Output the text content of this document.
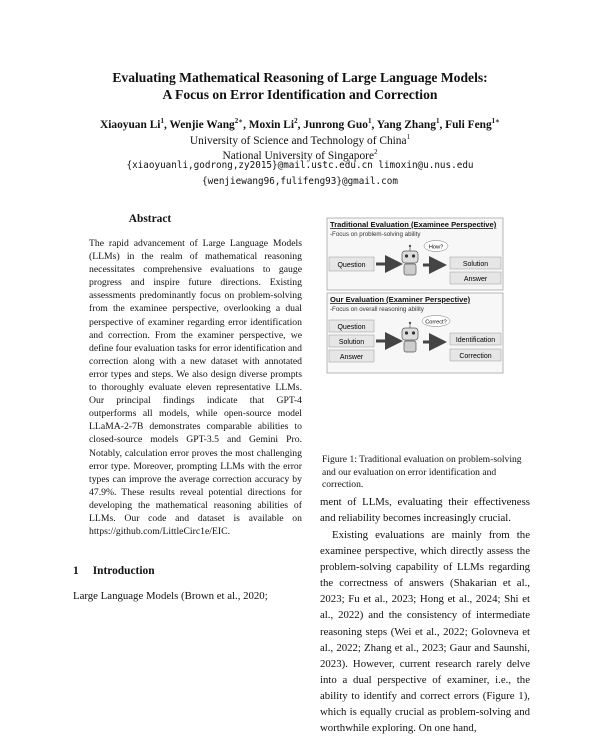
Evaluating Mathematical Reasoning of Large Language Models:
A Focus on Error Identification and Correction
Xiaoyuan Li$^1$, Wenjie Wang$^{2∗}$, Moxin Li$^2$, Junrong Guo$^1$, Yang Zhang$^1$, Fuli Feng$^{1∗}$
University of Science and Technology of China$^1$
National University of Singapore$^2$
{xiaoyuanli,godrong,zy2015}@mail.ustc.edu.cn limoxin@u.nus.edu
{wenjiewang96,fulifeng93}@gmail.com
Abstract
The rapid advancement of Large Language Models (LLMs) in the realm of mathematical reasoning necessitates comprehensive evaluations to gauge progress and inspire future directions. Existing assessments predominantly focus on problem-solving from the examinee perspective, overlooking a dual perspective of examiner regarding error identification and correction. From the examiner perspective, we define four evaluation tasks for error identification and correction along with a new dataset with annotated error types and steps. We also design diverse prompts to thoroughly evaluate eleven representative LLMs. Our principal findings indicate that GPT-4 outperforms all models, while open-source model LLaMA-2-7B demonstrates comparable abilities to closed-source models GPT-3.5 and Gemini Pro. Notably, calculation error proves the most challenging error type. Moreover, prompting LLMs with the error types can improve the average correction accuracy by 47.9%. These results reveal potential directions for developing the mathematical reasoning abilities of LLMs. Our code and dataset is available on https://github.com/LittleCirc1e/EIC.
1 Introduction
Large Language Models (Brown et al., 2020;
Traditional Evaluation (Examinee Perspective)
-Focus on problem-solving ability
Question
How?
Solution
Answer
Our Evaluation (Examiner Perspective)
-Focus on overall reasoning ability
Question
Solution
Answer
Correct?
Identification
Correction
Figure 1: Traditional evaluation on problem-solving and our evaluation on error identification and correction.

ment of LLMs, evaluating their effectiveness and reliability becomes increasingly crucial.

Existing evaluations are mainly from the examinee perspective, which directly assess the problem-solving capability of LLMs regarding the correctness of answers (Shakarian et al., 2023; Fu et al., 2023; Hong et al., 2024; Shi et al., 2022) and the consistency of intermediate reasoning steps (Wei et al., 2022; Golovneva et al., 2022; Zhang et al., 2023; Gaur and Saunshi, 2023). However, current research rarely delve into a dual perspective of examiner, i.e., the ability to identify and correct errors (Figure 1), which is equally crucial as problem-solving and worthwhile exploring. On one hand,
